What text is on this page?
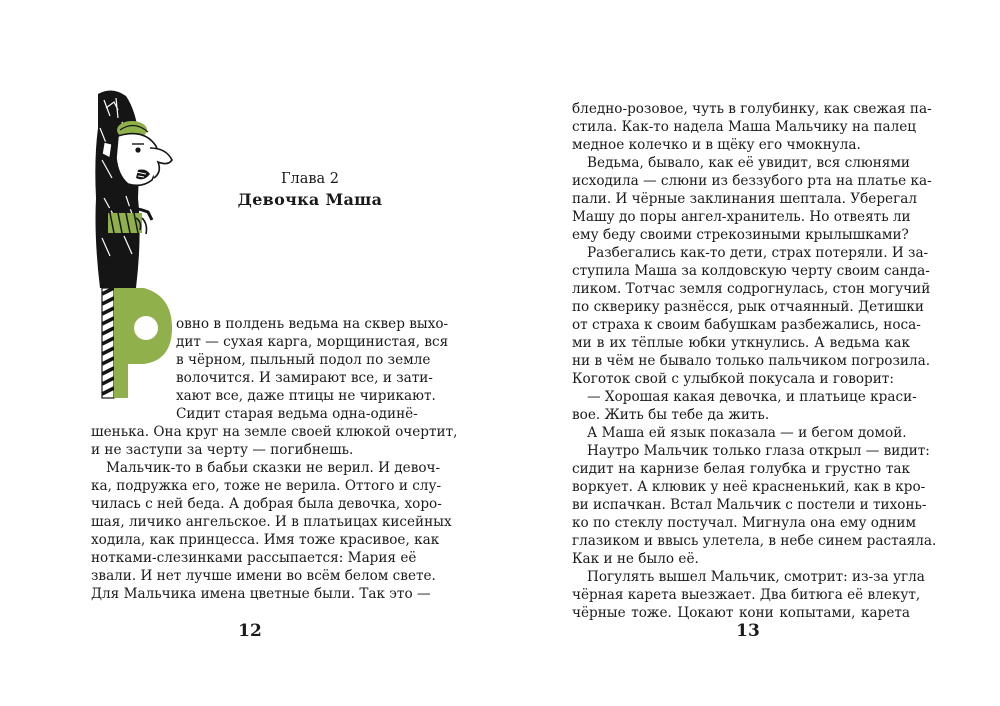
Глава 2
Девочка Маша

овно в полдень ведьма на сквер выхо-

дит — сухая карга, морщинистая, вся

в чёрном, пыльный подол по земле

волочится. И замирают все, и зати-

хают все, даже птицы не чирикают.

Сидит старая ведьма одна-одинё-

шенька. Она круг на земле своей клюкой очертит,

и не заступи за черту — погибнешь.

Мальчик-то в бабьи сказки не верил. И девоч-

ка, подружка его, тоже не верила. Оттого и слу-

чилась с ней беда. А добрая была девочка, хоро-

шая, личико ангельское. И в платьицах кисейных

ходила, как принцесса. Имя тоже красивое, как

нотками-слезинками рассыпается: Мария её

звали. И нет лучше имени во всём белом свете.

Для Мальчика имена цветные были. Так это —

12

бледно-розовое, чуть в голубинку, как свежая па-

стила. Как-то надела Маша Мальчику на палец

медное колечко и в щёку его чмокнула.

Ведьма, бывало, как её увидит, вся слюнями

исходила — слюни из беззубого рта на платье ка-

пали. И чёрные заклинания шептала. Уберегал

Машу до поры ангел-хранитель. Но отвеять ли

ему беду своими стрекозиными крылышками?

Разбегались как-то дети, страх потеряли. И за-

ступила Маша за колдовскую черту своим санда-

ликом. Тотчас земля содрогнулась, стон могучий

по скверику разнёсся, рык отчаянный. Детишки

от страха к своим бабушкам разбежались, носа-

ми в их тёплые юбки уткнулись. А ведьма как

ни в чём не бывало только пальчиком погрозила.

Коготок свой с улыбкой покусала и говорит:

— Хорошая какая девочка, и платьице краси-

вое. Жить бы тебе да жить.

А Маша ей язык показала — и бегом домой.

Наутро Мальчик только глаза открыл — видит:

сидит на карнизе белая голубка и грустно так

воркует. А клювик у неё красненький, как в кро-

ви испачкан. Встал Мальчик с постели и тихонь-

ко по стеклу постучал. Мигнула она ему одним

глазиком и ввысь улетела, в небе синем растаяла.

Как и не было её.

Погулять вышел Мальчик, смотрит: из-за угла

чёрная карета выезжает. Два битюга её влекут,

чёрные тоже. Цокают кони копытами, карета

13
